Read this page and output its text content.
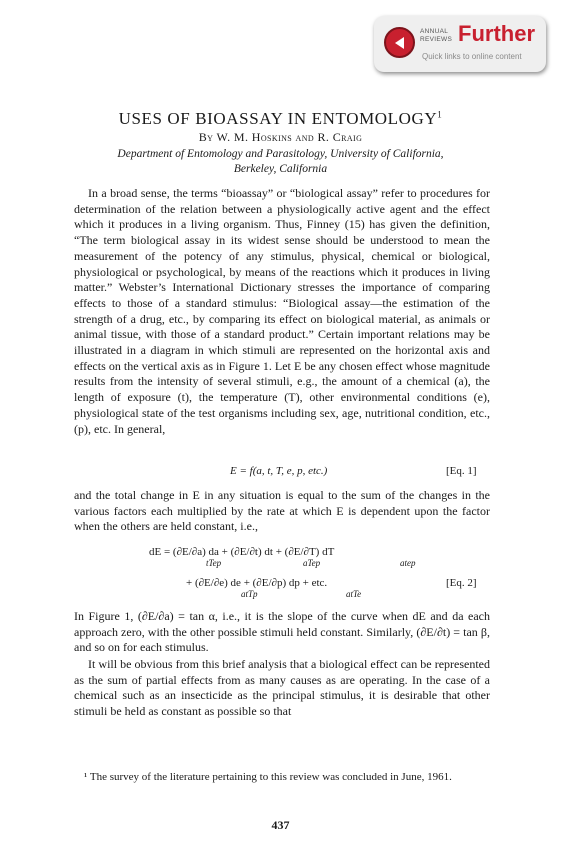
ANNUAL
REVIEWS Further
Quick links to online content
USES OF BIOASSAY IN ENTOMOLOGY$^1$
By W. M. Hoskins and R. Craig
Department of Entomology and Parasitology, University of California,
Berkeley, California

In a broad sense, the terms “bioassay” or “biological assay” refer to procedures for determination of the relation between a physiologically active agent and the effect which it produces in a living organism. Thus, Finney (15) has given the definition, “The term biological assay in its widest sense should be understood to mean the measurement of the potency of any stimulus, physical, chemical or biological, physiological or psychological, by means of the reactions which it produces in living matter.” Webster’s International Dictionary stresses the importance of comparing effects to those of a standard stimulus: “Biological assay—the estimation of the strength of a drug, etc., by comparing its effect on biological material, as animals or animal tissue, with those of a standard product.” Certain important relations may be illustrated in a diagram in which stimuli are represented on the horizontal axis and effects on the vertical axis as in Figure 1. Let E be any chosen effect whose magnitude results from the intensity of several stimuli, e.g., the amount of a chemical (a), the length of exposure (t), the temperature (T), other environmental conditions (e), physiological state of the test organisms including sex, age, nutritional condition, etc., (p), etc. In general,

E = f(a, t, T, e, p, etc.)	[Eq. 1]

and the total change in E in any situation is equal to the sum of the changes in the various factors each multiplied by the rate at which E is dependent upon the factor when the others are held constant, i.e.,

dE = (∂E/∂a) da + (∂E/∂t) dt + (∂E/∂T) dT
tTep	aTep	atep
+ (∂E/∂e) de + (∂E/∂p) dp + etc.
atTp	atTe
[Eq. 2]

In Figure 1, (∂E/∂a) = tan α, i.e., it is the slope of the curve when dE and da each approach zero, with the other possible stimuli held constant. Similarly, (∂E/∂t) = tan β, and so on for each stimulus.

It will be obvious from this brief analysis that a biological effect can be represented as the sum of partial effects from as many causes as are operating. In the case of a chemical such as an insecticide as the principal stimulus, it is desirable that other stimuli be held as constant as possible so that

¹ The survey of the literature pertaining to this review was concluded in June, 1961.

437
